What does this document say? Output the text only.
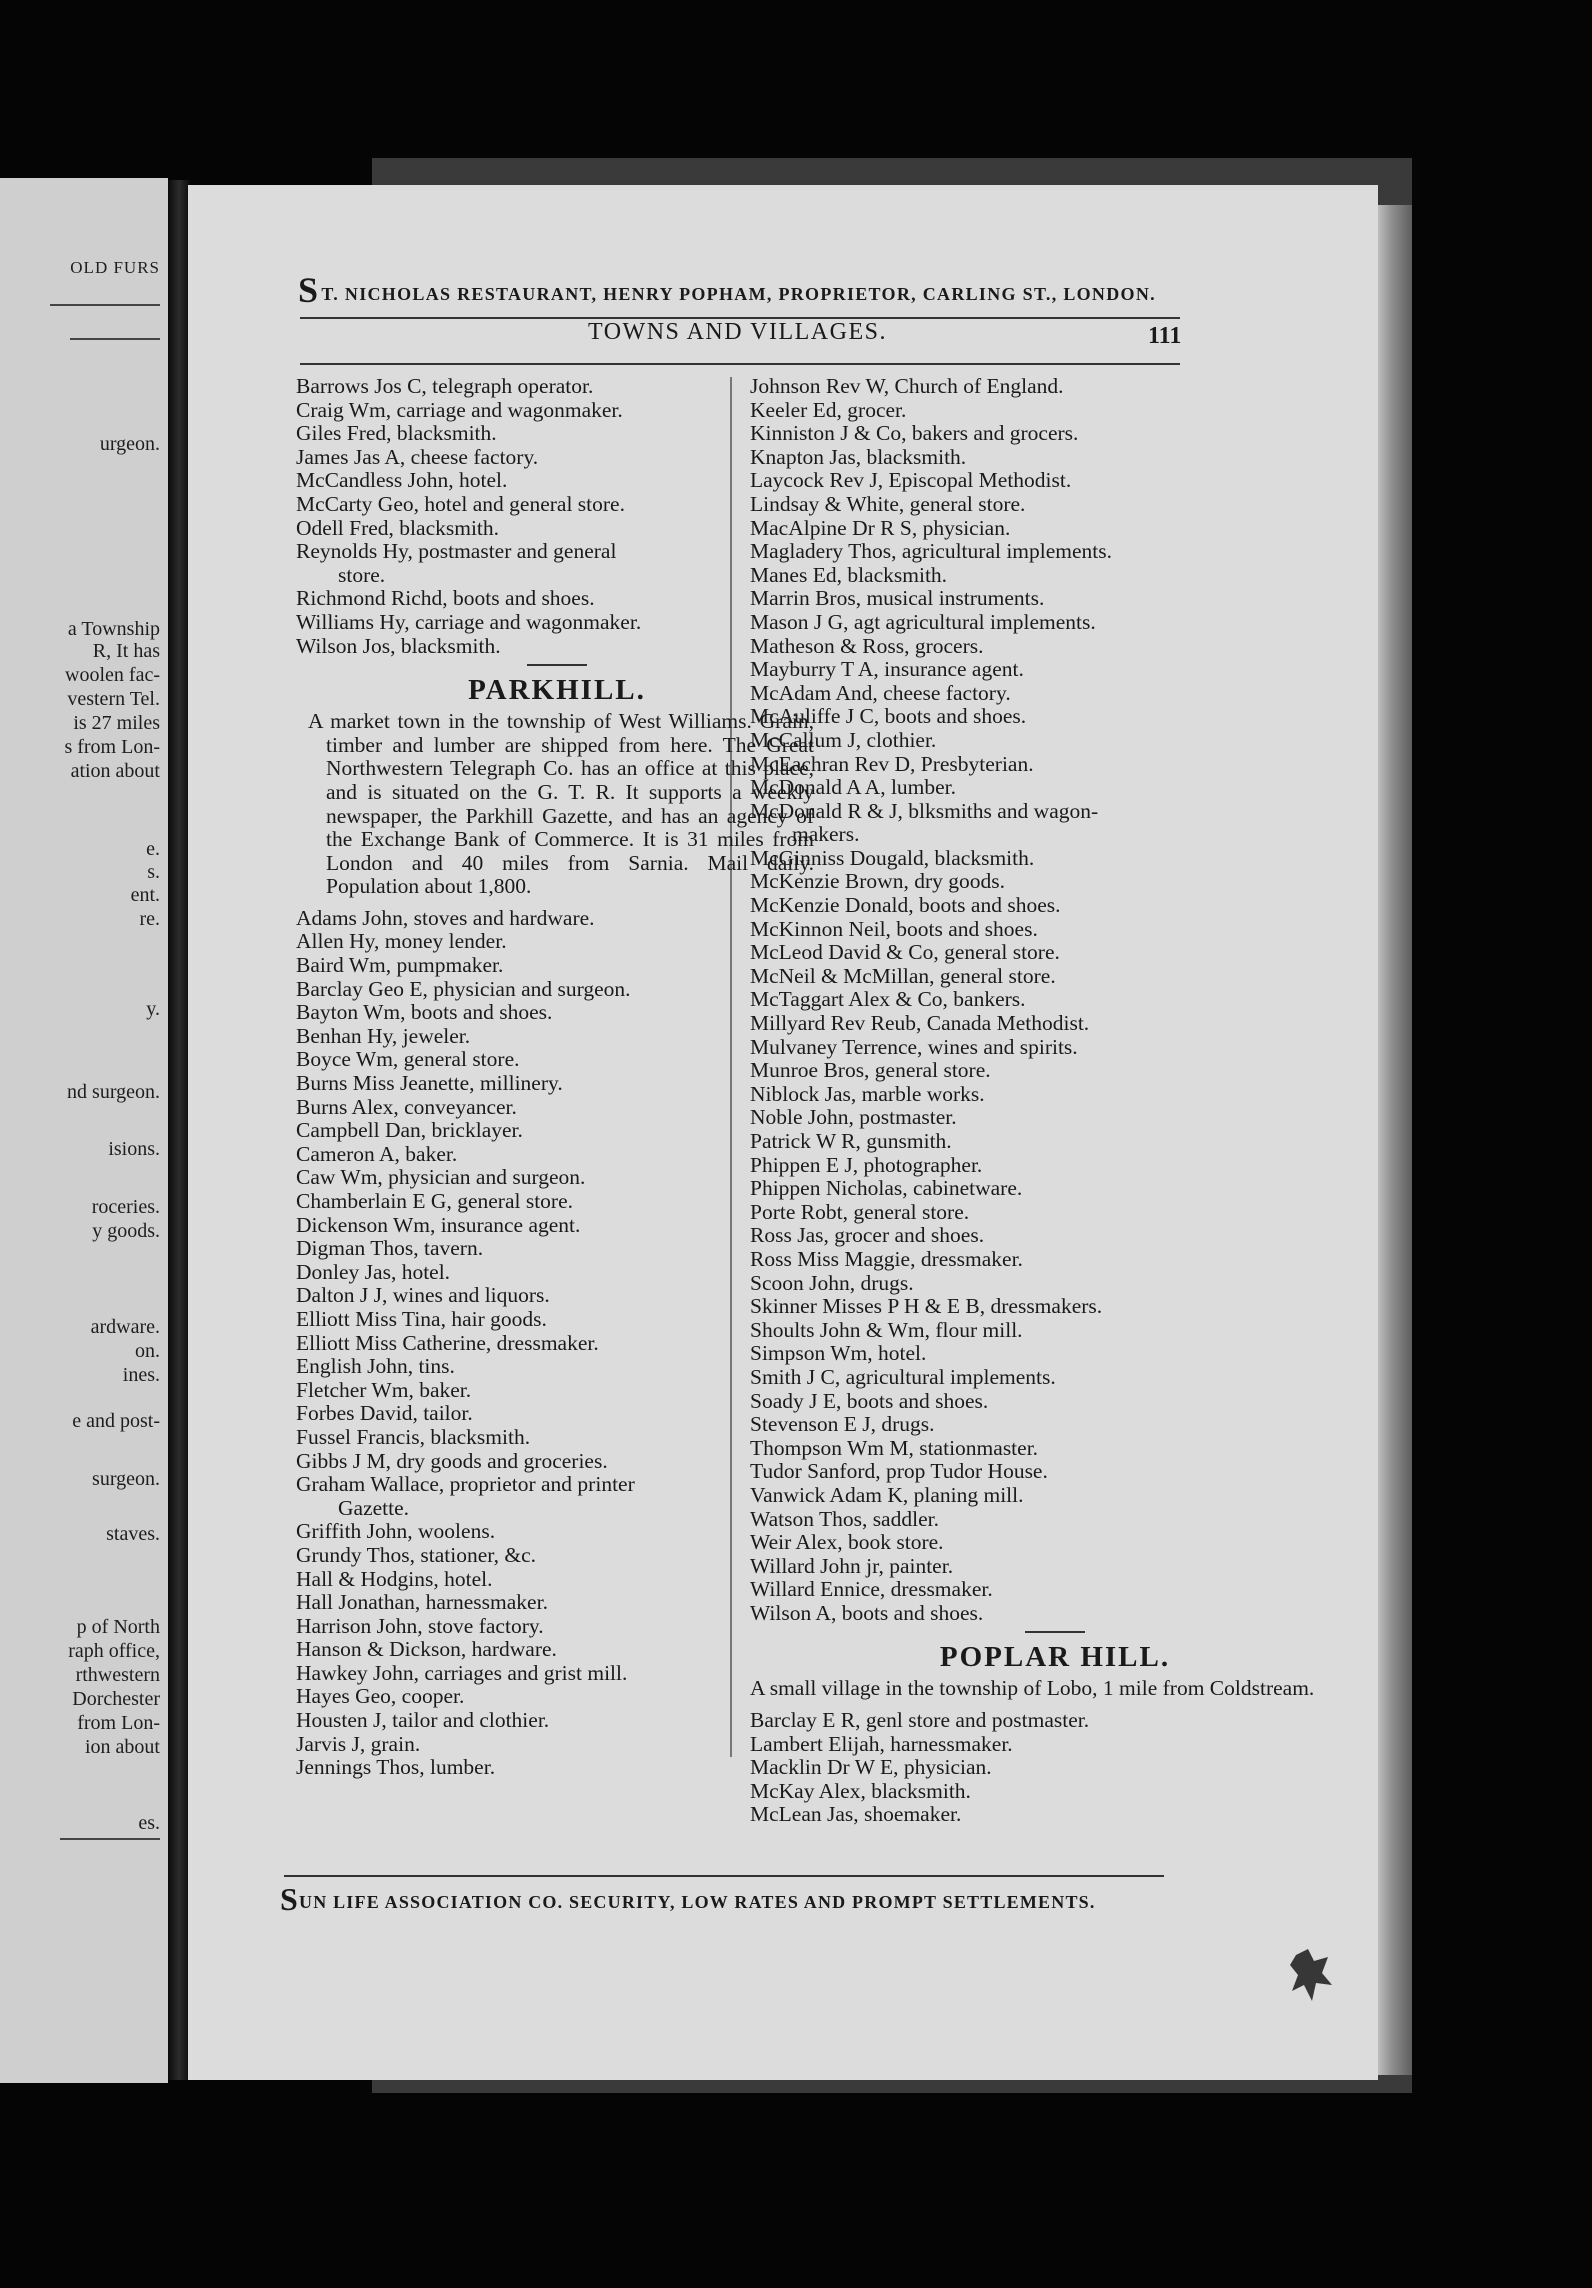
OLD FURS
urgeon.
a Township
R, It has
woolen fac-
vestern Tel.
is 27 miles
s from Lon-
ation about
e.
s.
ent.
re.
y.
nd surgeon.
isions.
roceries.
y goods.
ardware.
on.
ines.
e and post-
surgeon.
staves.
p of North
raph office,
rthwestern
Dorchester
from Lon-
ion about
es.
S T. NICHOLAS RESTAURANT, HENRY POPHAM, PROPRIETOR, CARLING ST., LONDON.
TOWNS AND VILLAGES.	111
Barrows Jos C, telegraph operator.
Craig Wm, carriage and wagonmaker.
Giles Fred, blacksmith.
James Jas A, cheese factory.
McCandless John, hotel.
McCarty Geo, hotel and general store.
Odell Fred, blacksmith.
Reynolds Hy, postmaster and general
store.
Richmond Richd, boots and shoes.
Williams Hy, carriage and wagonmaker.
Wilson Jos, blacksmith.
PARKHILL.
A market town in the township of West Williams. Grain, timber and lumber are shipped from here. The Great Northwestern Telegraph Co. has an office at this place, and is situated on the G. T. R. It supports a weekly newspaper, the Parkhill Gazette, and has an agency of the Exchange Bank of Commerce. It is 31 miles from London and 40 miles from Sarnia. Mail daily. Population about 1,800.
Adams John, stoves and hardware.
Allen Hy, money lender.
Baird Wm, pumpmaker.
Barclay Geo E, physician and surgeon.
Bayton Wm, boots and shoes.
Benhan Hy, jeweler.
Boyce Wm, general store.
Burns Miss Jeanette, millinery.
Burns Alex, conveyancer.
Campbell Dan, bricklayer.
Cameron A, baker.
Caw Wm, physician and surgeon.
Chamberlain E G, general store.
Dickenson Wm, insurance agent.
Digman Thos, tavern.
Donley Jas, hotel.
Dalton J J, wines and liquors.
Elliott Miss Tina, hair goods.
Elliott Miss Catherine, dressmaker.
English John, tins.
Fletcher Wm, baker.
Forbes David, tailor.
Fussel Francis, blacksmith.
Gibbs J M, dry goods and groceries.
Graham Wallace, proprietor and printer
Gazette.
Griffith John, woolens.
Grundy Thos, stationer, &c.
Hall & Hodgins, hotel.
Hall Jonathan, harnessmaker.
Harrison John, stove factory.
Hanson & Dickson, hardware.
Hawkey John, carriages and grist mill.
Hayes Geo, cooper.
Housten J, tailor and clothier.
Jarvis J, grain.
Jennings Thos, lumber.
Johnson Rev W, Church of England.
Keeler Ed, grocer.
Kinniston J & Co, bakers and grocers.
Knapton Jas, blacksmith.
Laycock Rev J, Episcopal Methodist.
Lindsay & White, general store.
MacAlpine Dr R S, physician.
Magladery Thos, agricultural implements.
Manes Ed, blacksmith.
Marrin Bros, musical instruments.
Mason J G, agt agricultural implements.
Matheson & Ross, grocers.
Mayburry T A, insurance agent.
McAdam And, cheese factory.
McAuliffe J C, boots and shoes.
McCallum J, clothier.
McEachran Rev D, Presbyterian.
McDonald A A, lumber.
McDonald R & J, blksmiths and wagon-
makers.
McGinniss Dougald, blacksmith.
McKenzie Brown, dry goods.
McKenzie Donald, boots and shoes.
McKinnon Neil, boots and shoes.
McLeod David & Co, general store.
McNeil & McMillan, general store.
McTaggart Alex & Co, bankers.
Millyard Rev Reub, Canada Methodist.
Mulvaney Terrence, wines and spirits.
Munroe Bros, general store.
Niblock Jas, marble works.
Noble John, postmaster.
Patrick W R, gunsmith.
Phippen E J, photographer.
Phippen Nicholas, cabinetware.
Porte Robt, general store.
Ross Jas, grocer and shoes.
Ross Miss Maggie, dressmaker.
Scoon John, drugs.
Skinner Misses P H & E B, dressmakers.
Shoults John & Wm, flour mill.
Simpson Wm, hotel.
Smith J C, agricultural implements.
Soady J E, boots and shoes.
Stevenson E J, drugs.
Thompson Wm M, stationmaster.
Tudor Sanford, prop Tudor House.
Vanwick Adam K, planing mill.
Watson Thos, saddler.
Weir Alex, book store.
Willard John jr, painter.
Willard Ennice, dressmaker.
Wilson A, boots and shoes.
POPLAR HILL.
A small village in the township of Lobo, 1 mile from Coldstream.
Barclay E R, genl store and postmaster.
Lambert Elijah, harnessmaker.
Macklin Dr W E, physician.
McKay Alex, blacksmith.
McLean Jas, shoemaker.
SUN LIFE ASSOCIATION CO. SECURITY, LOW RATES AND PROMPT SETTLEMENTS.
